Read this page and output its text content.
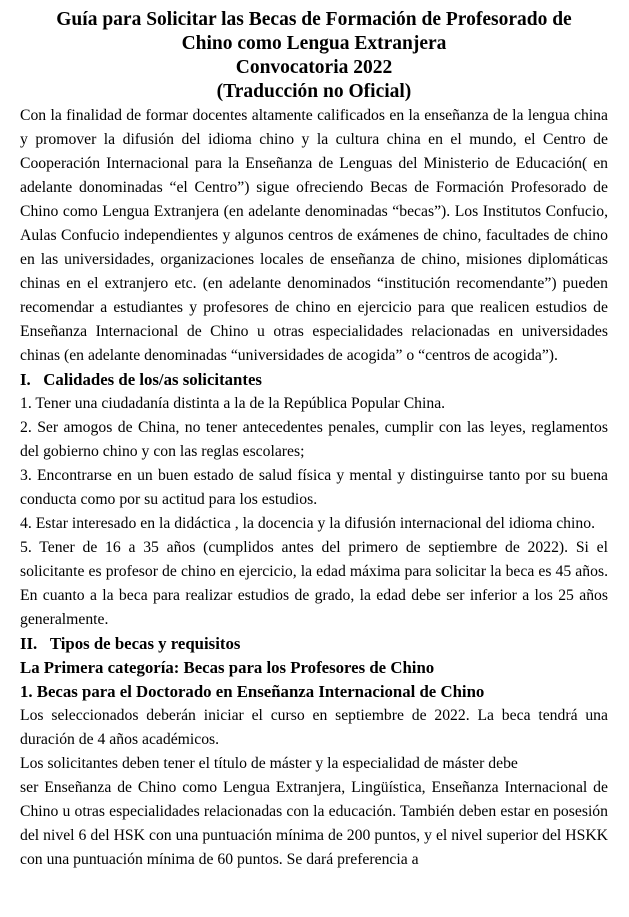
Guía para Solicitar las Becas de Formación de Profesorado de
Chino como Lengua Extranjera
Convocatoria 2022
(Traducción no Oficial)

Con la finalidad de formar docentes altamente calificados en la enseñanza de la lengua china y promover la difusión del idioma chino y la cultura china en el mundo, el Centro de Cooperación Internacional para la Enseñanza de Lenguas del Ministerio de Educación( en adelante donominadas “el Centro”) sigue ofreciendo Becas de Formación Profesorado de Chino como Lengua Extranjera (en adelante denominadas “becas”). Los Institutos Confucio, Aulas Confucio independientes y algunos centros de exámenes de chino, facultades de chino en las universidades, organizaciones locales de enseñanza de chino, misiones diplomáticas chinas en el extranjero etc. (en adelante denominados “institución recomendante”) pueden recomendar a estudiantes y profesores de chino en ejercicio para que realicen estudios de Enseñanza Internacional de Chino u otras especialidades relacionadas en universidades chinas (en adelante denominadas “universidades de acogida” o “centros de acogida”).

I.   Calidades de los/as solicitantes

1. Tener una ciudadanía distinta a la de la República Popular China.

2. Ser amogos de China, no tener antecedentes penales, cumplir con las leyes, reglamentos del gobierno chino y con las reglas escolares;

3. Encontrarse en un buen estado de salud física y mental y distinguirse tanto por su buena conducta como por su actitud para los estudios.

4. Estar interesado en la didáctica , la docencia y la difusión internacional del idioma chino.

5. Tener de 16 a 35 años (cumplidos antes del primero de septiembre de 2022). Si el solicitante es profesor de chino en ejercicio, la edad máxima para solicitar la beca es 45 años. En cuanto a la beca para realizar estudios de grado, la edad debe ser inferior a los 25 años generalmente.

II.   Tipos de becas y requisitos
La Primera categoría: Becas para los Profesores de Chino
1. Becas para el Doctorado en Enseñanza Internacional de Chino

Los seleccionados deberán iniciar el curso en septiembre de 2022. La beca tendrá una duración de 4 años académicos.

Los solicitantes deben tener el título de máster y la especialidad de máster debe

ser Enseñanza de Chino como Lengua Extranjera, Lingüística, Enseñanza Internacional de Chino u otras especialidades relacionadas con la educación. También deben estar en posesión del nivel 6 del HSK con una puntuación mínima de 200 puntos, y el nivel superior del HSKK con una puntuación mínima de 60 puntos. Se dará preferencia a
